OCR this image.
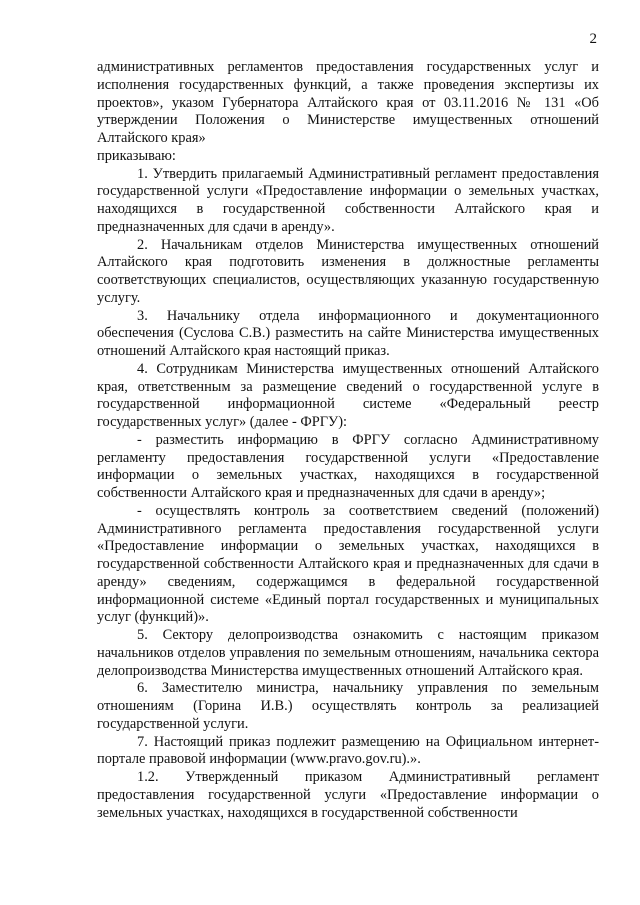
2

административных регламентов предоставления государственных услуг и исполнения государственных функций, а также проведения экспертизы их проектов», указом Губернатора Алтайского края от 03.11.2016 № 131 «Об утверждении Положения о Министерстве имущественных отношений Алтайского края»

приказываю:

1. Утвердить прилагаемый Административный регламент предоставления государственной услуги «Предоставление информации о земельных участках, находящихся в государственной собственности Алтайского края и предназначенных для сдачи в аренду».

2. Начальникам отделов Министерства имущественных отношений Алтайского края подготовить изменения в должностные регламенты соответствующих специалистов, осуществляющих указанную государственную услугу.

3. Начальнику отдела информационного и документационного обеспечения (Суслова С.В.) разместить на сайте Министерства имущественных отношений Алтайского края настоящий приказ.

4. Сотрудникам Министерства имущественных отношений Алтайского края, ответственным за размещение сведений о государственной услуге в государственной информационной системе «Федеральный реестр государственных услуг» (далее - ФРГУ):

- разместить информацию в ФРГУ согласно Административному регламенту предоставления государственной услуги «Предоставление информации о земельных участках, находящихся в государственной собственности Алтайского края и предназначенных для сдачи в аренду»;

- осуществлять контроль за соответствием сведений (положений) Административного регламента предоставления государственной услуги «Предоставление информации о земельных участках, находящихся в государственной собственности Алтайского края и предназначенных для сдачи в аренду» сведениям, содержащимся в федеральной государственной информационной системе «Единый портал государственных и муниципальных услуг (функций)».

5. Сектору делопроизводства ознакомить с настоящим приказом начальников отделов управления по земельным отношениям, начальника сектора делопроизводства Министерства имущественных отношений Алтайского края.

6. Заместителю министра, начальнику управления по земельным отношениям (Горина И.В.) осуществлять контроль за реализацией государственной услуги.

7. Настоящий приказ подлежит размещению на Официальном интернет-портале правовой информации (www.pravo.gov.ru).».

1.2. Утвержденный приказом Административный регламент предоставления государственной услуги «Предоставление информации о земельных участках, находящихся в государственной собственности
